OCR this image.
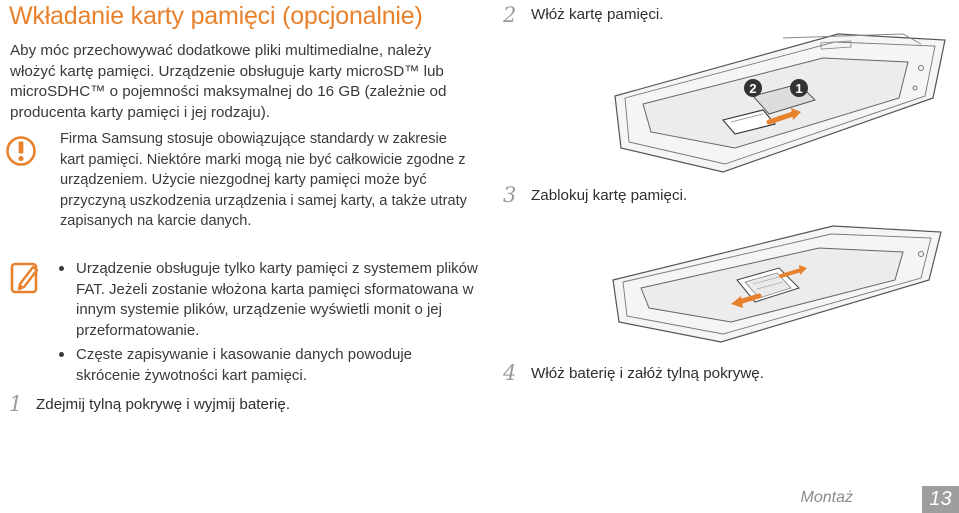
Wkładanie karty pamięci (opcjonalnie)
Aby móc przechowywać dodatkowe pliki multimedialne, należy włożyć kartę pamięci. Urządzenie obsługuje karty microSD™ lub microSDHC™ o pojemności maksymalnej do 16 GB (zależnie od producenta karty pamięci i jej rodzaju).
Firma Samsung stosuje obowiązujące standardy w zakresie kart pamięci. Niektóre marki mogą nie być całkowicie zgodne z urządzeniem. Użycie niezgodnej karty pamięci może być przyczyną uszkodzenia urządzenia i samej karty, a także utraty zapisanych na karcie danych.
Urządzenie obsługuje tylko karty pamięci z systemem plików FAT. Jeżeli zostanie włożona karta pamięci sformatowana w innym systemie plików, urządzenie wyświetli monit o jej przeformatowanie.
Częste zapisywanie i kasowanie danych powoduje skrócenie żywotności kart pamięci.
1 Zdejmij tylną pokrywę i wyjmij baterię.
2 Włóż kartę pamięci.
2	1
3 Zablokuj kartę pamięci.
4 Włóż baterię i załóż tylną pokrywę.
Montaż	13
